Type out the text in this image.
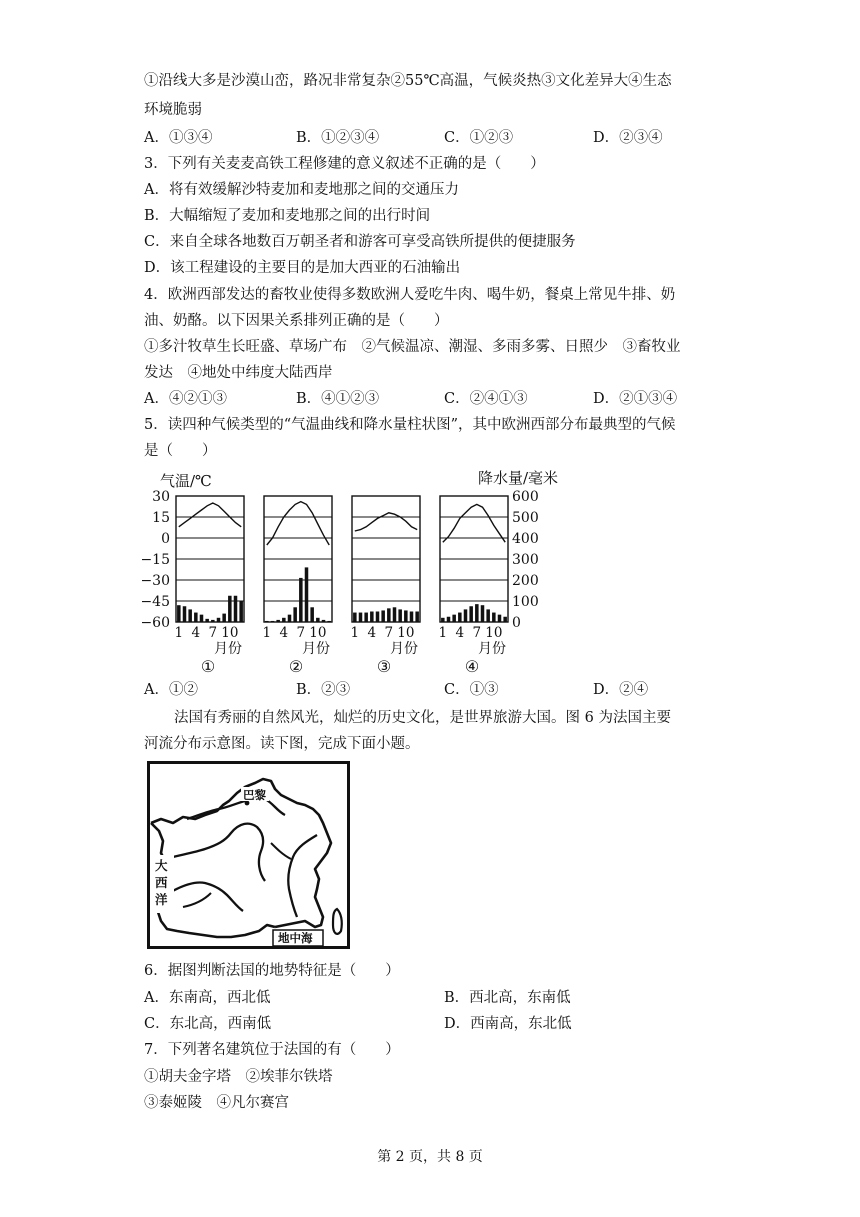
①沿线大多是沙漠山峦，路况非常复杂②55℃高温，气候炎热③文化差异大④生态
环境脆弱
A．①③④	B．①②③④	C．①②③	D．②③④
3．下列有关麦麦高铁工程修建的意义叙述不正确的是（　　）
A．将有效缓解沙特麦加和麦地那之间的交通压力
B．大幅缩短了麦加和麦地那之间的出行时间
C．来自全球各地数百万朝圣者和游客可享受高铁所提供的便捷服务
D．该工程建设的主要目的是加大西亚的石油输出
4．欧洲西部发达的畜牧业使得多数欧洲人爱吃牛肉、喝牛奶，餐桌上常见牛排、奶
油、奶酪。以下因果关系排列正确的是（　　）
①多汁牧草生长旺盛、草场广布　②气候温凉、潮湿、多雨多雾、日照少　③畜牧业
发达　④地处中纬度大陆西岸
A．④②①③	B．④①②③	C．②④①③	D．②①③④
5．读四种气候类型的“气温曲线和降水量柱状图”，其中欧洲西部分布最典型的气候
是（　　）
气温/℃	降水量/毫米
30
15
0
−15
−30
−45
−60
600
500
400
300
200
100
0
1 4 7 10
月份
①
1 4 7 10
月份
②
1 4 7 10
月份
③
1 4 7 10
月份
④
A．①②	B．②③	C．①③	D．②④
法国有秀丽的自然风光，灿烂的历史文化，是世界旅游大国。图 6 为法国主要
河流分布示意图。读下图，完成下面小题。
巴黎
大
西
洋
地中海
6．据图判断法国的地势特征是（　　）
A．东南高，西北低	B．西北高，东南低
C．东北高，西南低	D．西南高，东北低
7．下列著名建筑位于法国的有（　　）
①胡夫金字塔　②埃菲尔铁塔
③泰姬陵　④凡尔赛宫
第 2 页，共 8 页
